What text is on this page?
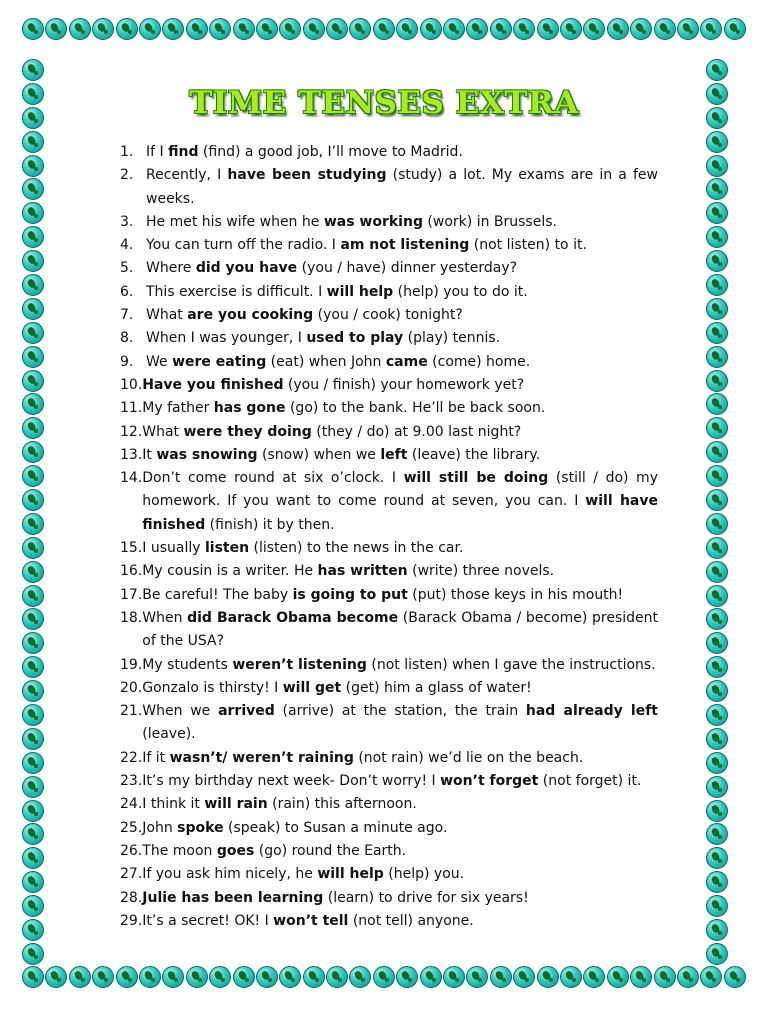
TIME TENSES EXTRA
1. If I find (find) a good job, I’ll move to Madrid.
2. Recently, I have been studying (study) a lot. My exams are in a few weeks.
3. He met his wife when he was working (work) in Brussels.
4. You can turn off the radio. I am not listening (not listen) to it.
5. Where did you have (you / have) dinner yesterday?
6. This exercise is difficult. I will help (help) you to do it.
7. What are you cooking (you / cook) tonight?
8. When I was younger, I used to play (play) tennis.
9. We were eating (eat) when John came (come) home.
10. Have you finished (you / finish) your homework yet?
11. My father has gone (go) to the bank. He’ll be back soon.
12. What were they doing (they / do) at 9.00 last night?
13. It was snowing (snow) when we left (leave) the library.
14. Don’t come round at six o’clock. I will still be doing (still / do) my homework. If you want to come round at seven, you can. I will have finished (finish) it by then.
15. I usually listen (listen) to the news in the car.
16. My cousin is a writer. He has written (write) three novels.
17. Be careful! The baby is going to put (put) those keys in his mouth!
18. When did Barack Obama become (Barack Obama / become) president of the USA?
19. My students weren’t listening (not listen) when I gave the instructions.
20. Gonzalo is thirsty! I will get (get) him a glass of water!
21. When we arrived (arrive) at the station, the train had already left (leave).
22. If it wasn’t/ weren’t raining (not rain) we’d lie on the beach.
23. It’s my birthday next week- Don’t worry! I won’t forget (not forget) it.
24. I think it will rain (rain) this afternoon.
25. John spoke (speak) to Susan a minute ago.
26. The moon goes (go) round the Earth.
27. If you ask him nicely, he will help (help) you.
28. Julie has been learning (learn) to drive for six years!
29. It’s a secret! OK! I won’t tell (not tell) anyone.
